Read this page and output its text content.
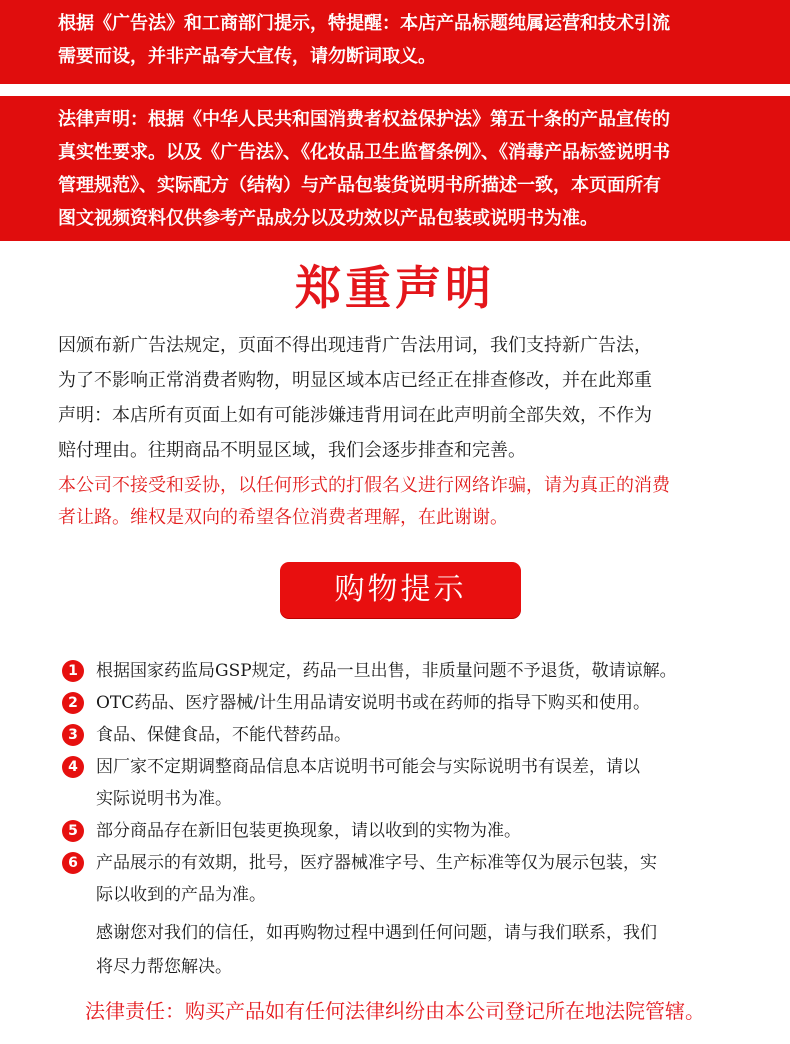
根据《广告法》和工商部门提示，特提醒：本店产品标题纯属运营和技术引流

需要而设，并非产品夸大宣传，请勿断词取义。

法律声明：根据《中华人民共和国消费者权益保护法》第五十条的产品宣传的

真实性要求。以及《广告法》、《化妆品卫生监督条例》、《消毒产品标签说明书

管理规范》、实际配方（结构）与产品包装货说明书所描述一致，本页面所有

图文视频资料仅供参考产品成分以及功效以产品包装或说明书为准。

郑重声明

因颁布新广告法规定，页面不得出现违背广告法用词，我们支持新广告法，

为了不影响正常消费者购物，明显区域本店已经正在排查修改，并在此郑重

声明：本店所有页面上如有可能涉嫌违背用词在此声明前全部失效，不作为

赔付理由。往期商品不明显区域，我们会逐步排查和完善。

本公司不接受和妥协，以任何形式的打假名义进行网络诈骗，请为真正的消费

者让路。维权是双向的希望各位消费者理解，在此谢谢。

购物提示
1	根据国家药监局GSP规定，药品一旦出售，非质量问题不予退货，敬请谅解。
2	OTC药品、医疗器械/计生用品请安说明书或在药师的指导下购买和使用。
3	食品、保健食品，不能代替药品。
4	因厂家不定期调整商品信息本店说明书可能会与实际说明书有误差，请以
实际说明书为准。
5	部分商品存在新旧包装更换现象，请以收到的实物为准。
6	产品展示的有效期，批号，医疗器械准字号、生产标准等仅为展示包装，实
际以收到的产品为准。
感谢您对我们的信任，如再购物过程中遇到任何问题，请与我们联系，我们
将尽力帮您解决。
法律责任：购买产品如有任何法律纠纷由本公司登记所在地法院管辖。
